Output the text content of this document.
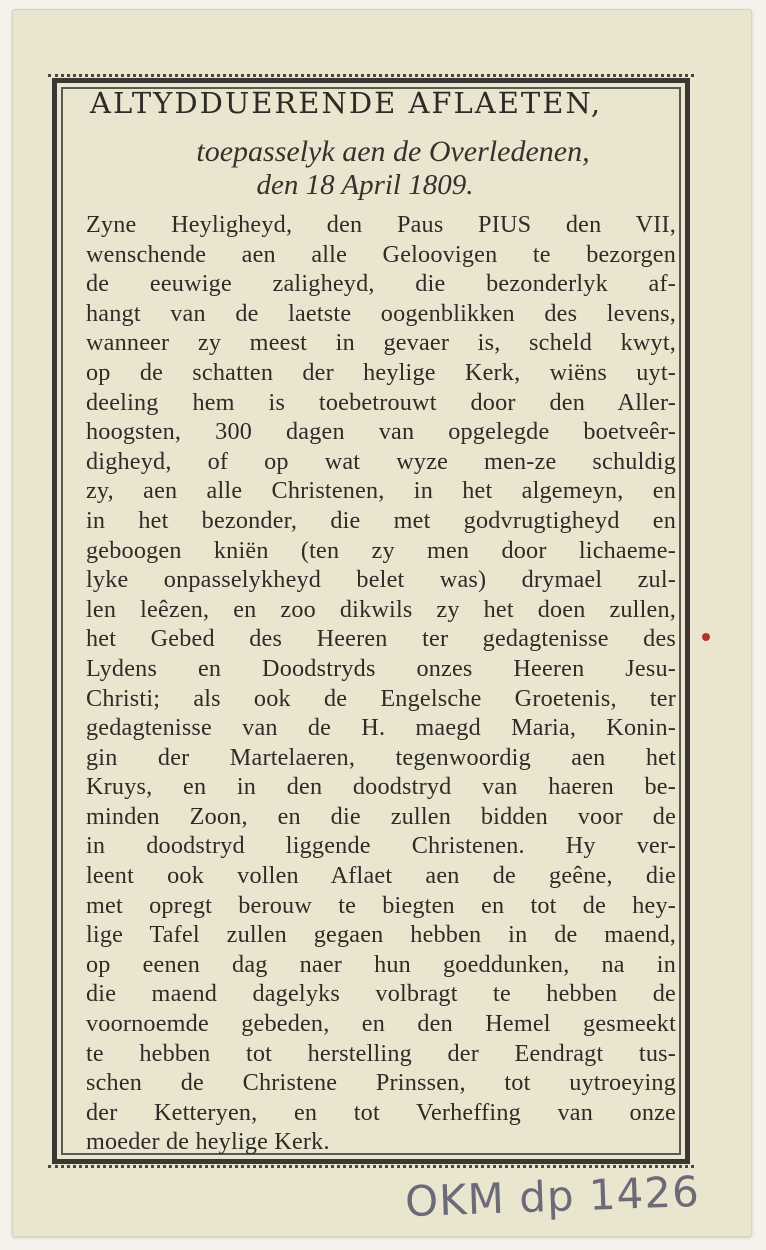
ALTYDDUERENDE AFLAETEN,
toepasselyk aen de Overledenen,
den 18 April 1809.
Zyne Heyligheyd, den Paus PIUS den VII,
wenschende aen alle Geloovigen te bezorgen
de eeuwige zaligheyd, die bezonderlyk af-
hangt van de laetste oogenblikken des levens,
wanneer zy meest in gevaer is, scheld kwyt,
op de schatten der heylige Kerk, wiëns uyt-
deeling hem is toebetrouwt door den Aller-
hoogsten, 300 dagen van opgelegde boetveêr-
digheyd, of op wat wyze men-ze schuldig
zy, aen alle Christenen, in het algemeyn, en
in het bezonder, die met godvrugtigheyd en
geboogen kniën (ten zy men door lichaeme-
lyke onpasselykheyd belet was) drymael zul-
len leêzen, en zoo dikwils zy het doen zullen,
het Gebed des Heeren ter gedagtenisse des
Lydens en Doodstryds onzes Heeren Jesu-
Christi; als ook de Engelsche Groetenis, ter
gedagtenisse van de H. maegd Maria, Konin-
gin der Martelaeren, tegenwoordig aen het
Kruys, en in den doodstryd van haeren be-
minden Zoon, en die zullen bidden voor de
in doodstryd liggende Christenen. Hy ver-
leent ook vollen Aflaet aen de geêne, die
met opregt berouw te biegten en tot de hey-
lige Tafel zullen gegaen hebben in de maend,
op eenen dag naer hun goeddunken, na in
die maend dagelyks volbragt te hebben de
voornoemde gebeden, en den Hemel gesmeekt
te hebben tot herstelling der Eendragt tus-
schen de Christene Prinssen, tot uytroeying
der Ketteryen, en tot Verheffing van onze
moeder de heylige Kerk.
OKM dp 1426
